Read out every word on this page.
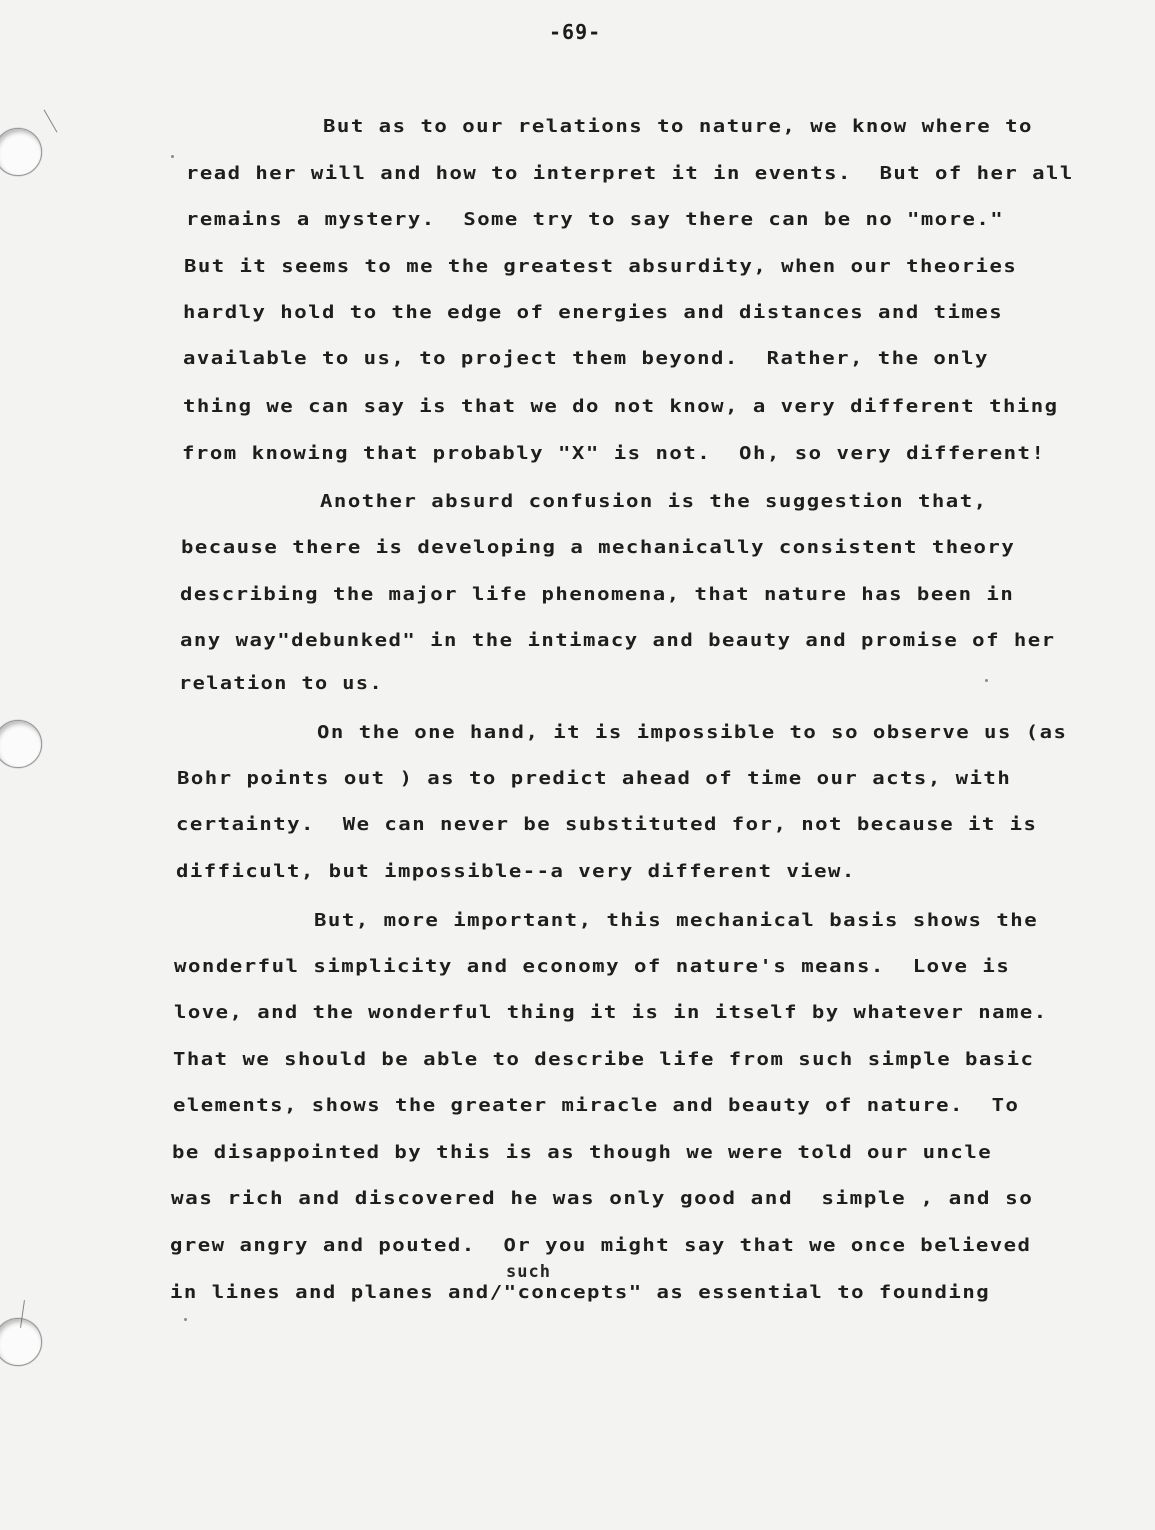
-69-
But as to our relations to nature, we know where to
read her will and how to interpret it in events.  But of her all
remains a mystery.  Some try to say there can be no "more."
But it seems to me the greatest absurdity, when our theories
hardly hold to the edge of energies and distances and times
available to us, to project them beyond.  Rather, the only
thing we can say is that we do not know, a very different thing
from knowing that probably "X" is not.  Oh, so very different!
Another absurd confusion is the suggestion that,
because there is developing a mechanically consistent theory
describing the major life phenomena, that nature has been in
any way"debunked" in the intimacy and beauty and promise of her
relation to us.
On the one hand, it is impossible to so observe us (as
Bohr points out ) as to predict ahead of time our acts, with
certainty.  We can never be substituted for, not because it is
difficult, but impossible--a very different view.
But, more important, this mechanical basis shows the
wonderful simplicity and economy of nature's means.  Love is
love, and the wonderful thing it is in itself by whatever name.
That we should be able to describe life from such simple basic
elements, shows the greater miracle and beauty of nature.  To
be disappointed by this is as though we were told our uncle
was rich and discovered he was only good and  simple , and so
grew angry and pouted.  Or you might say that we once believed
such
in lines and planes and/"concepts" as essential to founding
